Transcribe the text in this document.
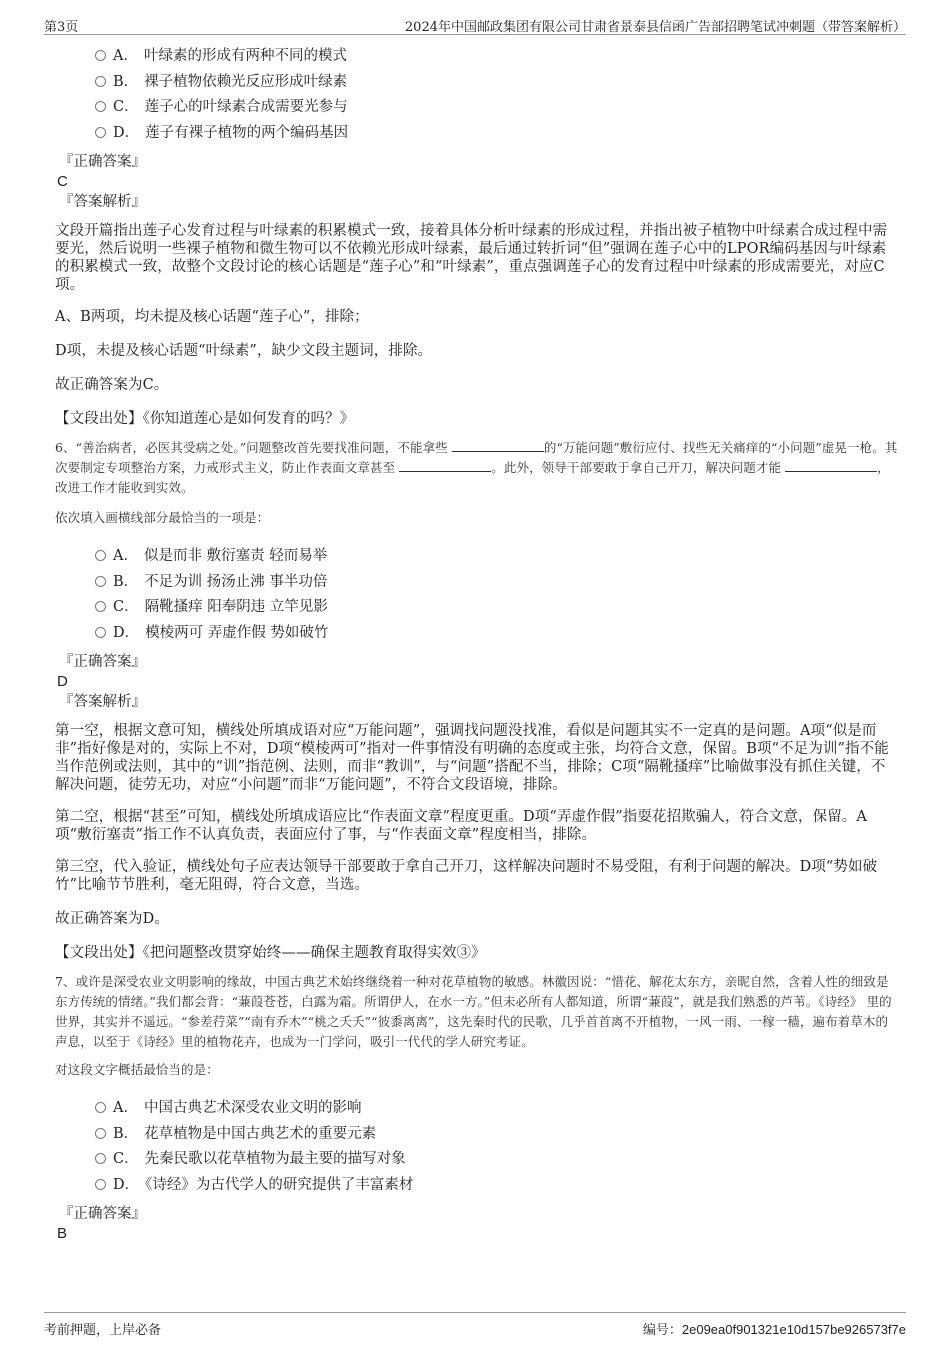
第3页	2024年中国邮政集团有限公司甘肃省景泰县信函广告部招聘笔试冲刺题（带答案解析）
A． 叶绿素的形成有两种不同的模式
B． 裸子植物依赖光反应形成叶绿素
C． 莲子心的叶绿素合成需要光参与
D． 莲子有裸子植物的两个编码基因

『正确答案』

C

『答案解析』

文段开篇指出莲子心发育过程与叶绿素的积累模式一致，接着具体分析叶绿素的形成过程，并指出被子植物中叶绿素合成过程中需要光，然后说明一些裸子植物和微生物可以不依赖光形成叶绿素，最后通过转折词“但”强调在莲子心中的LPOR编码基因与叶绿素的积累模式一致，故整个文段讨论的核心话题是“莲子心”和“叶绿素”，重点强调莲子心的发育过程中叶绿素的形成需要光，对应C项。

A、B两项，均未提及核心话题“莲子心”，排除；

D项，未提及核心话题“叶绿素”，缺少文段主题词，排除。

故正确答案为C。

【文段出处】《你知道莲心是如何发育的吗？》

6、“善治病者，必医其受病之处。”问题整改首先要找准问题，不能拿些	的“万能问题”敷衍应付、找些无关痛痒的“小问题”虚晃一枪。其次要制定专项整治方案，力戒形式主义，防止作表面文章甚至	。此外，领导干部要敢于拿自己开刀，解决问题才能	，改进工作才能收到实效。

依次填入画横线部分最恰当的一项是：

A． 似是而非 敷衍塞责 轻而易举
B． 不足为训 扬汤止沸 事半功倍
C． 隔靴搔痒 阳奉阴违 立竿见影
D． 模棱两可 弄虚作假 势如破竹

『正确答案』

D

『答案解析』

第一空，根据文意可知，横线处所填成语对应“万能问题”，强调找问题没找准，看似是问题其实不一定真的是问题。A项“似是而非”指好像是对的，实际上不对，D项“模棱两可”指对一件事情没有明确的态度或主张，均符合文意，保留。B项“不足为训”指不能当作范例或法则，其中的“训”指范例、法则，而非“教训”，与“问题”搭配不当，排除；C项“隔靴搔痒”比喻做事没有抓住关键，不解决问题，徒劳无功，对应“小问题”而非“万能问题”，不符合文段语境，排除。

第二空，根据“甚至”可知，横线处所填成语应比“作表面文章”程度更重。D项“弄虚作假”指耍花招欺骗人，符合文意，保留。A项“敷衍塞责”指工作不认真负责，表面应付了事，与“作表面文章”程度相当，排除。

第三空，代入验证，横线处句子应表达领导干部要敢于拿自己开刀，这样解决问题时不易受阻，有利于问题的解决。D项“势如破竹”比喻节节胜利，毫无阻碍，符合文意，当选。

故正确答案为D。

【文段出处】《把问题整改贯穿始终——确保主题教育取得实效③》

7、或许是深受农业文明影响的缘故，中国古典艺术始终继绕着一种对花草植物的敏感。林徽因说：“惜花、解花太东方，亲昵自然，含着人性的细致是东方传统的情绪。”我们都会背：“蒹葭苍苍，白露为霜。所谓伊人，在水一方。”但未必所有人都知道，所谓“蒹葭”，就是我们熟悉的芦苇。《诗经》 里的世界，其实并不遥远。“参差荇菜”“南有乔木”“桃之夭夭”“彼黍离离”，这先秦时代的民歌，几乎首首离不开植物，一风一雨、一稼一穑，遍布着草木的声息，以至于《诗经》里的植物花卉，也成为一门学问，吸引一代代的学人研究考证。

对这段文字概括最恰当的是：

A． 中国古典艺术深受农业文明的影响
B． 花草植物是中国古典艺术的重要元素
C． 先秦民歌以花草植物为最主要的描写对象
D． 《诗经》为古代学人的研究提供了丰富素材

『正确答案』

B

考前押题，上岸必备	编号：2e09ea0f901321e10d157be926573f7e
